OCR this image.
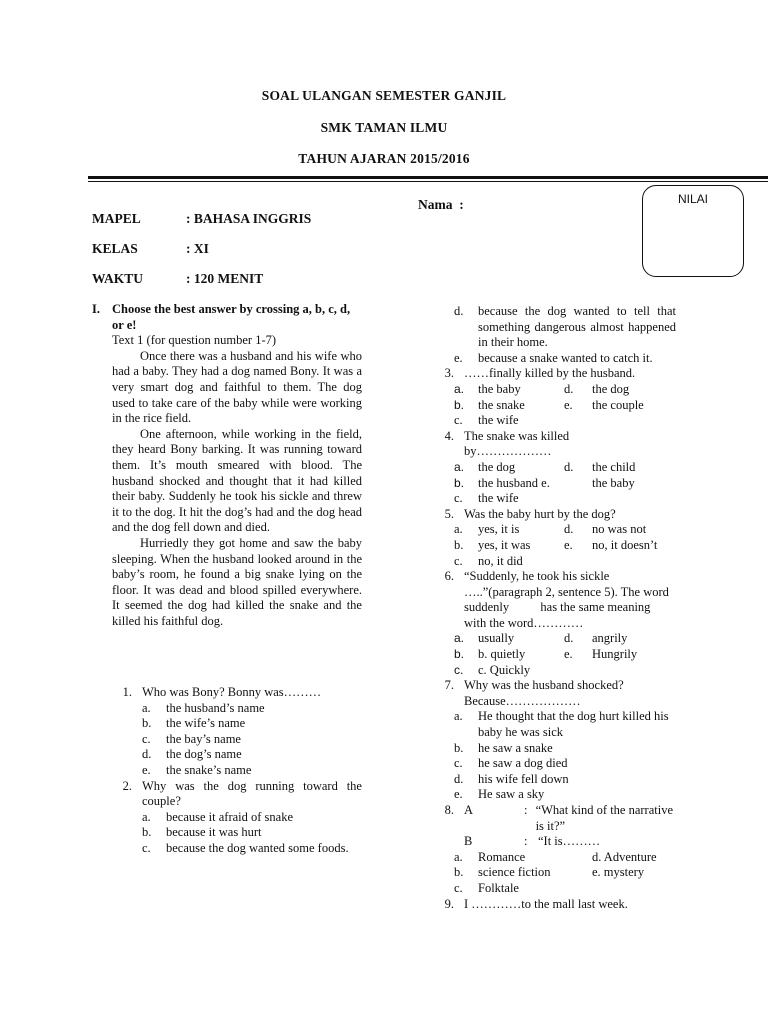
SOAL ULANGAN SEMESTER GANJIL
SMK TAMAN ILMU
TAHUN AJARAN 2015/2016
MAPEL	: BAHASA INGGRIS
KELAS	: XI
WAKTU	: 120 MENIT
Nama  :	NILAI
I. Choose the best answer by crossing a, b, c, d, or e!
Text 1 (for question number 1-7)
Once there was a husband and his wife who had a baby. They had a dog named Bony. It was a very smart dog and faithful to them. The dog used to take care of the baby while were working in the rice field.
One afternoon, while working in the field, they heard Bony barking. It was running toward them. It’s mouth smeared with blood. The husband shocked and thought that it had killed their baby. Suddenly he took his sickle and threw it to the dog. It hit the dog’s had and the dog head and the dog fell down and died.
Hurriedly they got home and saw the baby sleeping. When the husband looked around in the baby’s room, he found a big snake lying on the floor. It was dead and blood spilled everywhere. It seemed the dog had killed the snake and the killed his faithful dog.
1. Who was Bony? Bonny was………
a.	the husband’s name
b.	the wife’s name
c.	the bay’s name
d.	the dog’s name
e.	the snake’s name
2. Why was the dog running toward the couple?
a.	because it afraid of snake
b.	because it was hurt
c.	because the dog wanted some foods.
d.	because the dog wanted to tell that something dangerous almost happened in their home.
e.	because a snake wanted to catch it.
3. ……finally killed by the husband.
a.	the baby	d.	the dog
b.	the snake	e.	the couple
c.	the wife
4. The snake was killed by………………
a.	the dog	d.	the child
b.	the husband e.	the baby
c.	the wife
5. Was the baby hurt by the dog?
a.	yes, it is	d.	no was not
b.	yes, it was	e.	no, it doesn’t
c.	no, it did
6. “Suddenly, he took his sickle …..”(paragraph 2, sentence 5). The word suddenly	has the same meaning with the word…………
a.	usually	d.	angrily
b.	b. quietly	e.	Hungrily
c.	c. Quickly
7. Why was the husband shocked? Because………………
a.	He thought that the dog hurt killed his baby he was sick
b.	he saw a snake
c.	he saw a dog died
d.	his wife fell down
e.	He saw a sky
8. A	: “What kind of the narrative is it?”
B	: “It is………
a.	Romance	d. Adventure
b.	science fiction	e. mystery
c.	Folktale
9. I …………to the mall last week.
